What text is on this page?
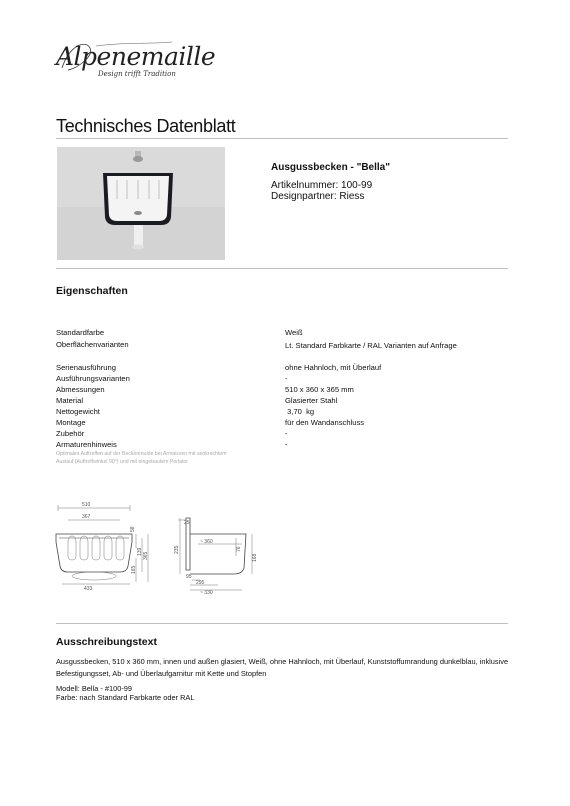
Alpenemaille
Design trifft Tradition
Technisches Datenblatt
Ausgussbecken - "Bella"
Artikelnummer: 100-99
Designpartner: Riess
Eigenschaften
Standardfarbe	Weiß
Oberflächenvarianten	Lt. Standard Farbkarte / RAL Varianten auf Anfrage
Serienausführung	ohne Hahnloch, mit Überlauf
Ausführungsvarianten	-
Abmessungen	510 x 360 x 365 mm
Material	Glasierter Stahl
Nettogewicht	3,70  kg
Montage	für den Wandanschluss
Zubehör	-
Armaturenhinweis	-
Optimales Auftreffen auf der Beckenmulde bei Armaturen mit senkrechtem
Auslauf (Auftreffwinkel 90°) und mit eingebautem Perlator
510
367
58
139 365
165
433
25
235
~ 360
76
168
95
295
~ 330
Ausschreibungstext
Ausgussbecken, 510 x 360 mm, innen und außen glasiert, Weiß, ohne Hahnloch, mit Überlauf, Kunststoffumrandung dunkelblau, inklusive Befestigungsset, Ab- und Überlaufgarnitur mit Kette und Stopfen
Modell: Bella - #100-99
Farbe: nach Standard Farbkarte oder RAL
